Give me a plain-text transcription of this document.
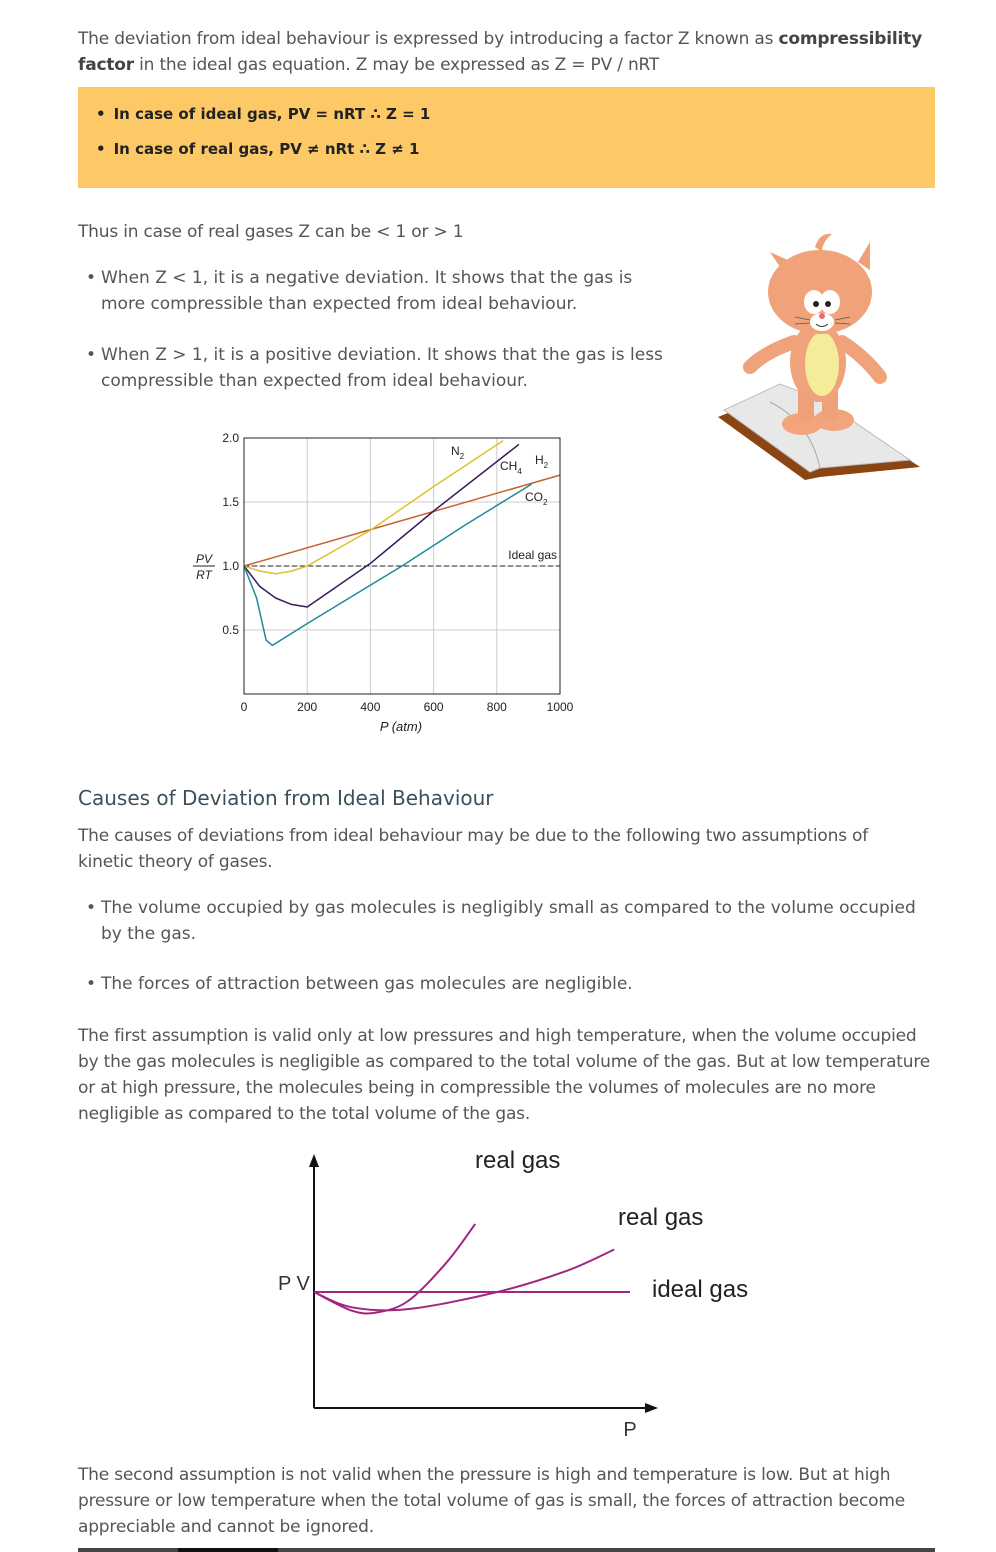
The deviation from ideal behaviour is expressed by introducing a factor Z known as compressibility factor in the ideal gas equation. Z may be expressed as Z = PV / nRT

• In case of ideal gas, PV = nRT ∴ Z = 1
• In case of real gas, PV ≠ nRt ∴ Z ≠ 1

Thus in case of real gases Z can be < 1 or > 1

• When Z < 1, it is a negative deviation. It shows that the gas is more compressible than expected from ideal behaviour.
• When Z > 1, it is a positive deviation. It shows that the gas is less compressible than expected from ideal behaviour.
Causes of Deviation from Ideal Behaviour

The causes of deviations from ideal behaviour may be due to the following two assumptions of kinetic theory of gases.

• The volume occupied by gas molecules is negligibly small as compared to the volume occupied by the gas.
• The forces of attraction between gas molecules are negligible.

The first assumption is valid only at low pressures and high temperature, when the volume occupied by the gas molecules is negligible as compared to the total volume of the gas. But at low temperature or at high pressure, the molecules being in compressible the volumes of molecules are no more negligible as compared to the total volume of the gas.

The second assumption is not valid when the pressure is high and temperature is low. But at high pressure or low temperature when the total volume of gas is small, the forces of attraction become appreciable and cannot be ignored.

0	200	400	600	800	1000
0.5
1.0
1.5
2.0
P (atm)
PV
RT
Ideal gas
$H_2$
$N_2$
$CH_4$
$CO_2$
P V
P
real gas
real gas
ideal gas
